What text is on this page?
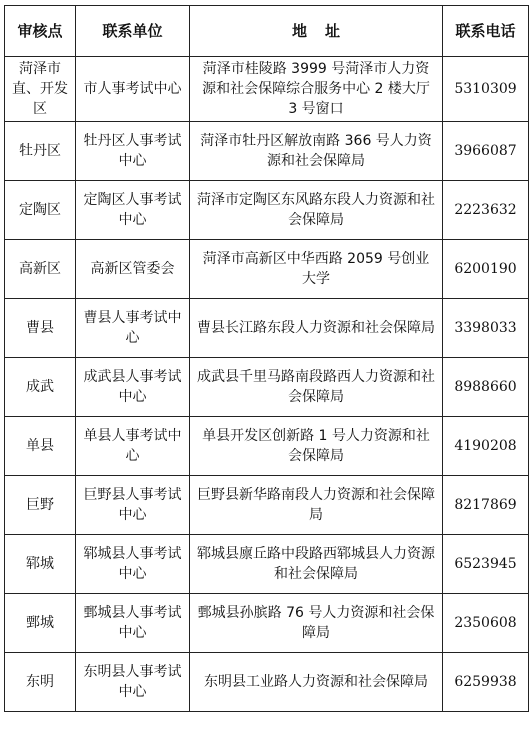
审核点	联系单位	地址	联系电话
菏泽市直、开发区	市人事考试中心	菏泽市桂陵路 3999 号菏泽市人力资源和社会保障综合服务中心 2 楼大厅 3 号窗口	5310309
牡丹区	牡丹区人事考试中心	菏泽市牡丹区解放南路 366 号人力资源和社会保障局	3966087
定陶区	定陶区人事考试中心	菏泽市定陶区东风路东段人力资源和社会保障局	2223632
高新区	高新区管委会	菏泽市高新区中华西路 2059 号创业大学	6200190
曹县	曹县人事考试中心	曹县长江路东段人力资源和社会保障局	3398033
成武	成武县人事考试中心	成武县千里马路南段路西人力资源和社会保障局	8988660
单县	单县人事考试中心	单县开发区创新路 1 号人力资源和社会保障局	4190208
巨野	巨野县人事考试中心	巨野县新华路南段人力资源和社会保障局	8217869
郓城	郓城县人事考试中心	郓城县廪丘路中段路西郓城县人力资源和社会保障局	6523945
鄄城	鄄城县人事考试中心	鄄城县孙膑路 76 号人力资源和社会保障局	2350608
东明	东明县人事考试中心	东明县工业路人力资源和社会保障局	6259938
